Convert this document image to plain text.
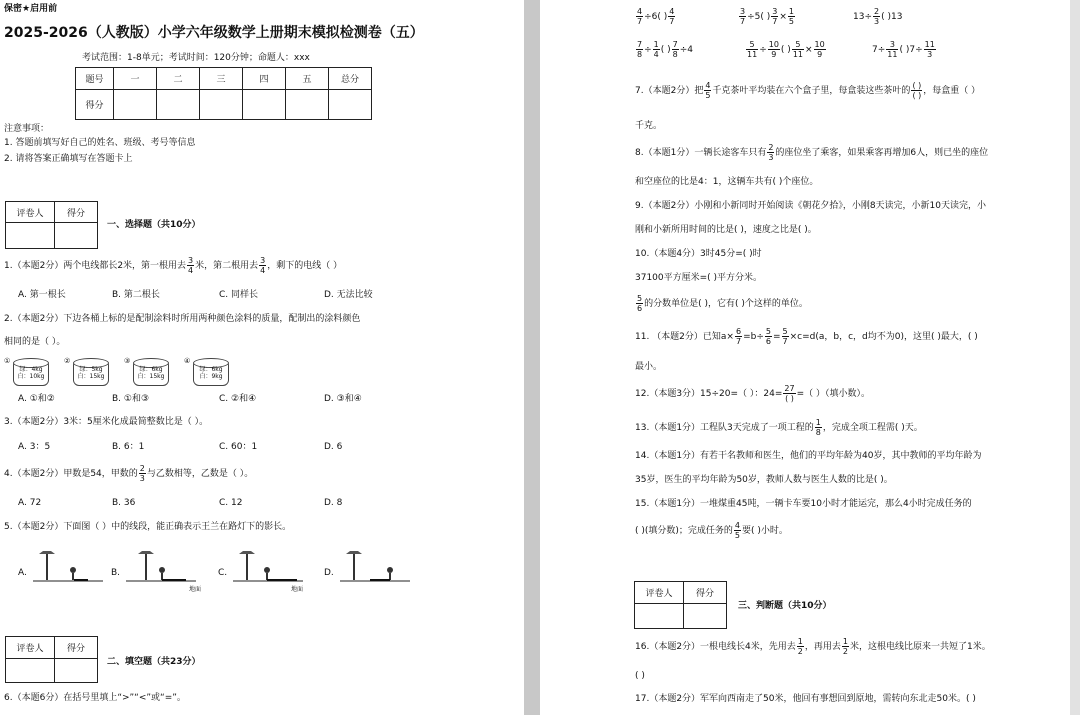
保密★启用前
2025-2026（人教版）小学六年级数学上册期末模拟检测卷（五）
考试范围：1-8单元；考试时间：120分钟；命题人：xxx
题号	一	二	三	四	五	总分
得分						
注意事项：
1. 答题前填写好自己的姓名、班级、考号等信息
2. 请将答案正确填写在答题卡上
评卷人	得分

一、选择题（共10分）
1.（本题2分）两个电线都长2米，第一根用去 $\frac{3}{4}$ 米，第二根用去 $\frac{3}{4}$ ，剩下的电线（ ）
A. 第一根长	B. 第二根长	C. 同样长	D. 无法比较
2.（本题2分）下边各桶上标的是配制涂料时所用两种颜色涂料的质量，配制出的涂料颜色
相同的是（ ）。
①
绿：4kg
白：10kg
②
绿：5kg
白：15kg
③
绿：6kg
白：15kg
④
绿：6kg
白：9kg
A. ①和②	B. ①和③	C. ②和④	D. ③和④
3.（本题2分）3米：5厘米化成最简整数比是（ ）。
A. 3：5	B. 6：1	C. 60：1	D. 6
4.（本题2分）甲数是54，甲数的 $\frac{2}{3}$ 与乙数相等，乙数是（ ）。
A. 72	B. 36	C. 12	D. 8
5.（本题2分）下面图（ ）中的线段，能正确表示王兰在路灯下的影长。
A.	B.
地面
C.
地面
D.
评卷人	得分

二、填空题（共23分）
6.（本题6分）在括号里填上“>”“<”或“=”。
$\frac{4}{7} \div 6$( ) $\frac{4}{7}$	$\frac{3}{7} \div 5$( ) $\frac{3}{7} \times \frac{1}{5}$	$13\div \frac{2}{3}$ ( )13
$\frac{7}{8} \div \frac{1}{4}$ ( ) $\frac{7}{8} \div 4$	$\frac{5}{11} \div \frac{10}{9}$ ( ) $\frac{5}{11} \times \frac{10}{9}$	$7\div \frac{3}{11}$ ( )$7\div \frac{11}{3}$
7.（本题2分）把 $\frac{4}{5}$ 千克茶叶平均装在六个盒子里，每盒装这些茶叶的 $\frac{( )}{( )}$ ，每盒重（ ）
千克。
8.（本题1分）一辆长途客车只有 $\frac{2}{3}$ 的座位坐了乘客，如果乘客再增加6人，则已坐的座位
和空座位的比是4：1，这辆车共有( )个座位。
9.（本题2分）小刚和小新同时开始阅读《朝花夕拾》，小刚8天读完，小新10天读完，小
刚和小新所用时间的比是( )，速度之比是( )。
10.（本题4分）3时45分=( )时
37100平方厘米=( )平方分米。
$\frac{5}{6}$ 的分数单位是( )，它有( )个这样的单位。
11. （本题2分）已知$a\times \frac{6}{7} =b\div \frac{5}{6} = \frac{5}{7} \times c=d(a$，b，c，d均不为0)，这里( )最大，( )
最小。
12.（本题3分）15÷20=（ ）：$24= \frac{27}{( )}$ =（ ）（填小数）。
13.（本题1分）工程队3天完成了一项工程的 $\frac{1}{8}$ ，完成全项工程需( )天。
14.（本题1分）有若干名教师和医生，他们的平均年龄为40岁，其中教师的平均年龄为
35岁，医生的平均年龄为50岁，教师人数与医生人数的比是( )。
15.（本题1分）一堆煤重45吨，一辆卡车要10小时才能运完，那么4小时完成任务的
( )(填分数)；完成任务的 $\frac{4}{5}$ 要( )小时。
评卷人	得分

三、判断题（共10分）
16.（本题2分）一根电线长4米，先用去 $\frac{1}{2}$ ，再用去 $\frac{1}{2}$ 米，这根电线比原来一共短了1米。
( )
17.（本题2分）军军向西南走了50米，他回有事想回到原地，需转向东北走50米。( )
